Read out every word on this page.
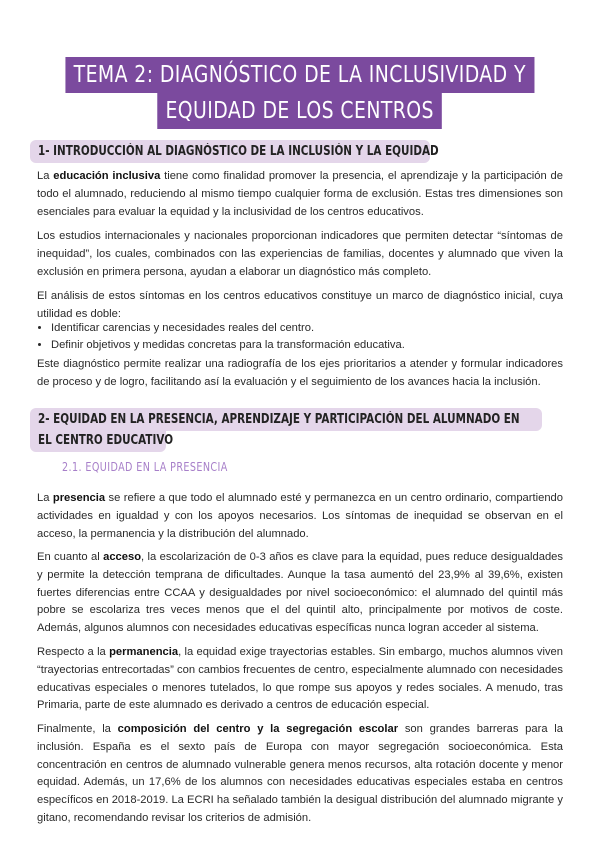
TEMA 2: DIAGNÓSTICO DE LA INCLUSIVIDAD Y
EQUIDAD DE LOS CENTROS
1- INTRODUCCIÓN AL DIAGNÓSTICO DE LA INCLUSIÓN Y LA EQUIDAD

La educación inclusiva tiene como finalidad promover la presencia, el aprendizaje y la participación de todo el alumnado, reduciendo al mismo tiempo cualquier forma de exclusión. Estas tres dimensiones son esenciales para evaluar la equidad y la inclusividad de los centros educativos.

Los estudios internacionales y nacionales proporcionan indicadores que permiten detectar “síntomas de inequidad”, los cuales, combinados con las experiencias de familias, docentes y alumnado que viven la exclusión en primera persona, ayudan a elaborar un diagnóstico más completo.

El análisis de estos síntomas en los centros educativos constituye un marco de diagnóstico inicial, cuya utilidad es doble:

• Identificar carencias y necesidades reales del centro.
• Definir objetivos y medidas concretas para la transformación educativa.

Este diagnóstico permite realizar una radiografía de los ejes prioritarios a atender y formular indicadores de proceso y de logro, facilitando así la evaluación y el seguimiento de los avances hacia la inclusión.

2- EQUIDAD EN LA PRESENCIA, APRENDIZAJE Y PARTICIPACIÓN DEL ALUMNADO EN
EL CENTRO EDUCATIVO
2.1. EQUIDAD EN LA PRESENCIA

La presencia se refiere a que todo el alumnado esté y permanezca en un centro ordinario, compartiendo actividades en igualdad y con los apoyos necesarios. Los síntomas de inequidad se observan en el acceso, la permanencia y la distribución del alumnado.

En cuanto al acceso, la escolarización de 0-3 años es clave para la equidad, pues reduce desigualdades y permite la detección temprana de dificultades. Aunque la tasa aumentó del 23,9% al 39,6%, existen fuertes diferencias entre CCAA y desigualdades por nivel socioeconómico: el alumnado del quintil más pobre se escolariza tres veces menos que el del quintil alto, principalmente por motivos de coste. Además, algunos alumnos con necesidades educativas específicas nunca logran acceder al sistema.

Respecto a la permanencia, la equidad exige trayectorias estables. Sin embargo, muchos alumnos viven “trayectorias entrecortadas” con cambios frecuentes de centro, especialmente alumnado con necesidades educativas especiales o menores tutelados, lo que rompe sus apoyos y redes sociales. A menudo, tras Primaria, parte de este alumnado es derivado a centros de educación especial.

Finalmente, la composición del centro y la segregación escolar son grandes barreras para la inclusión. España es el sexto país de Europa con mayor segregación socioeconómica. Esta concentración en centros de alumnado vulnerable genera menos recursos, alta rotación docente y menor equidad. Además, un 17,6% de los alumnos con necesidades educativas especiales estaba en centros específicos en 2018-2019. La ECRI ha señalado también la desigual distribución del alumnado migrante y gitano, recomendando revisar los criterios de admisión.
